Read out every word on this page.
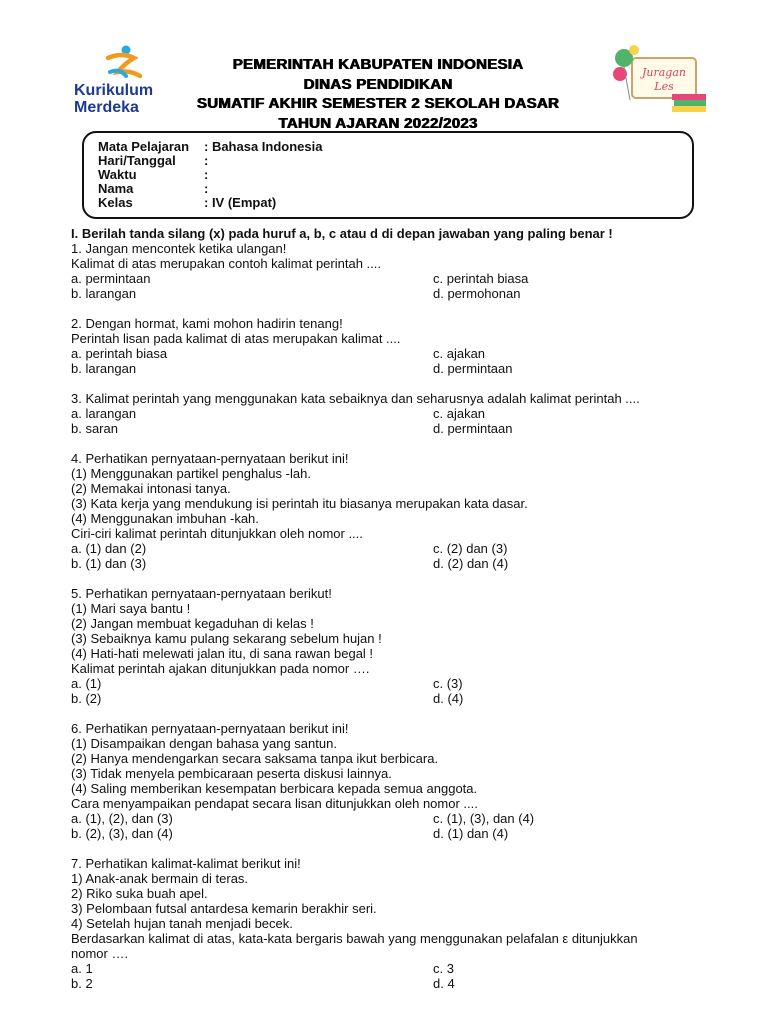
Kurikulum
Merdeka
PEMERINTAH KABUPATEN INDONESIA
DINAS PENDIDIKAN
SUMATIF AKHIR SEMESTER 2 SEKOLAH DASAR
TAHUN AJARAN 2022/2023
Juragan
Les
Mata Pelajaran : Bahasa Indonesia
Hari/Tanggal :
Waktu	:
Nama	:
Kelas	: IV (Empat)
I. Berilah tanda silang (x) pada huruf a, b, c atau d di depan jawaban yang paling benar !
1. Jangan mencontek ketika ulangan!
Kalimat di atas merupakan contoh kalimat perintah ....
a. permintaan	c. perintah biasa
b. larangan	d. permohonan
2. Dengan hormat, kami mohon hadirin tenang!
Perintah lisan pada kalimat di atas merupakan kalimat ....
a. perintah biasa	c. ajakan
b. larangan	d. permintaan
3. Kalimat perintah yang menggunakan kata sebaiknya dan seharusnya adalah kalimat perintah ....
a. larangan	c. ajakan
b. saran	d. permintaan
4. Perhatikan pernyataan-pernyataan berikut ini!
(1) Menggunakan partikel penghalus -lah.
(2) Memakai intonasi tanya.
(3) Kata kerja yang mendukung isi perintah itu biasanya merupakan kata dasar.
(4) Menggunakan imbuhan -kah.
Ciri-ciri kalimat perintah ditunjukkan oleh nomor ....
a. (1) dan (2)	c. (2) dan (3)
b. (1) dan (3)	d. (2) dan (4)
5. Perhatikan pernyataan-pernyataan berikut!
(1) Mari saya bantu !
(2) Jangan membuat kegaduhan di kelas !
(3) Sebaiknya kamu pulang sekarang sebelum hujan !
(4) Hati-hati melewati jalan itu, di sana rawan begal !
Kalimat perintah ajakan ditunjukkan pada nomor ….
a. (1)	c. (3)
b. (2)	d. (4)
6. Perhatikan pernyataan-pernyataan berikut ini!
(1) Disampaikan dengan bahasa yang santun.
(2) Hanya mendengarkan secara saksama tanpa ikut berbicara.
(3) Tidak menyela pembicaraan peserta diskusi lainnya.
(4) Saling memberikan kesempatan berbicara kepada semua anggota.
Cara menyampaikan pendapat secara lisan ditunjukkan oleh nomor ....
a. (1), (2), dan (3)	c. (1), (3), dan (4)
b. (2), (3), dan (4)	d. (1) dan (4)
7. Perhatikan kalimat-kalimat berikut ini!
1) Anak-anak bermain di teras.
2) Riko suka buah apel.
3) Pelombaan futsal antardesa kemarin berakhir seri.
4) Setelah hujan tanah menjadi becek.
Berdasarkan kalimat di atas, kata-kata bergaris bawah yang menggunakan pelafalan ε ditunjukkan
nomor ….
a. 1	c. 3
b. 2	d. 4
